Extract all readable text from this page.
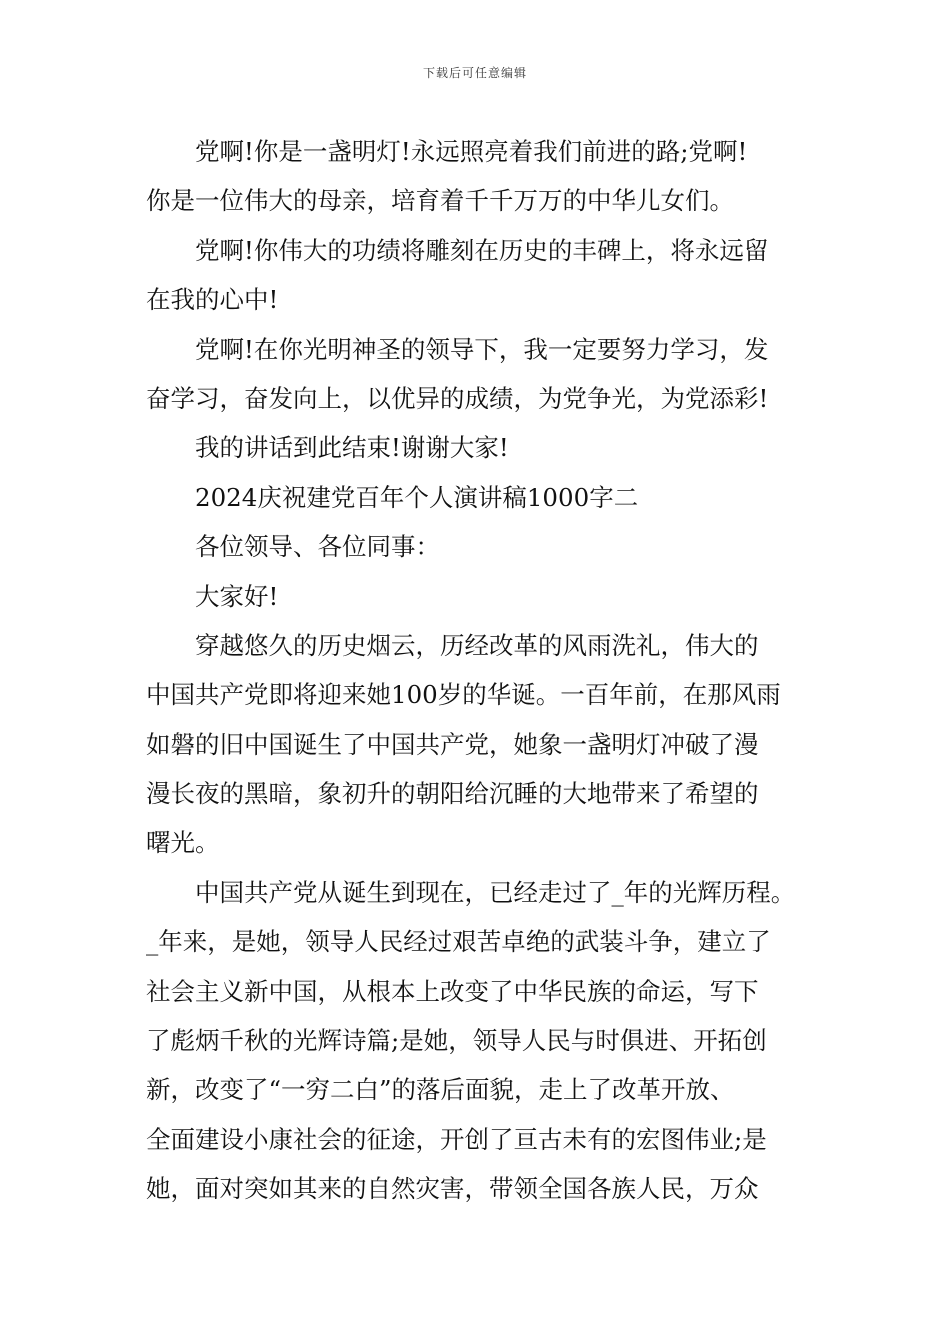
下载后可任意编辑
党啊!你是一盏明灯!永远照亮着我们前进的路;党啊!
你是一位伟大的母亲，培育着千千万万的中华儿女们。
党啊!你伟大的功绩将雕刻在历史的丰碑上，将永远留
在我的心中!
党啊!在你光明神圣的领导下，我一定要努力学习，发
奋学习，奋发向上，以优异的成绩，为党争光，为党添彩!
我的讲话到此结束!谢谢大家!
2024庆祝建党百年个人演讲稿1000字二
各位领导、各位同事：
大家好!
穿越悠久的历史烟云，历经改革的风雨洗礼，伟大的
中国共产党即将迎来她100岁的华诞。一百年前，在那风雨
如磐的旧中国诞生了中国共产党，她象一盏明灯冲破了漫
漫长夜的黑暗，象初升的朝阳给沉睡的大地带来了希望的
曙光。
中国共产党从诞生到现在，已经走过了_年的光辉历程。
_年来，是她，领导人民经过艰苦卓绝的武装斗争，建立了
社会主义新中国，从根本上改变了中华民族的命运，写下
了彪炳千秋的光辉诗篇;是她，领导人民与时俱进、开拓创
新，改变了“一穷二白”的落后面貌，走上了改革开放、
全面建设小康社会的征途，开创了亘古未有的宏图伟业;是
她，面对突如其来的自然灾害，带领全国各族人民，万众
